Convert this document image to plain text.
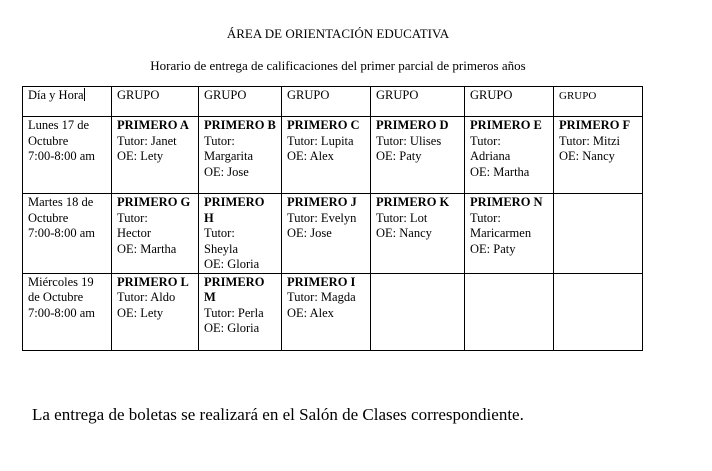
ÁREA DE ORIENTACIÓN EDUCATIVA
Horario de entrega de calificaciones del primer parcial de primeros años
Día y Hora	GRUPO	GRUPO	GRUPO	GRUPO	GRUPO	GRUPO

Lunes 17 de
Octubre
7:00-8:00 am	PRIMERO A
Tutor: Janet
OE: Lety	PRIMERO B
Tutor:
Margarita
OE: Jose	PRIMERO C
Tutor: Lupita
OE: Alex	PRIMERO D
Tutor: Ulises
OE: Paty	PRIMERO E
Tutor:
Adriana
OE: Martha	PRIMERO F
Tutor: Mitzi
OE: Nancy

Martes 18 de
Octubre
7:00-8:00 am	PRIMERO G
Tutor:
Hector
OE: Martha	PRIMERO H
Tutor:
Sheyla
OE: Gloria	PRIMERO J
Tutor: Evelyn
OE: Jose	PRIMERO K
Tutor: Lot
OE: Nancy	PRIMERO N
Tutor:
Maricarmen
OE: Paty	

Miércoles 19
de Octubre
7:00-8:00 am	PRIMERO L
Tutor: Aldo
OE: Lety	PRIMERO M
Tutor: Perla
OE: Gloria	PRIMERO I
Tutor: Magda
OE: Alex			

La entrega de boletas se realizará en el Salón de Clases correspondiente.
